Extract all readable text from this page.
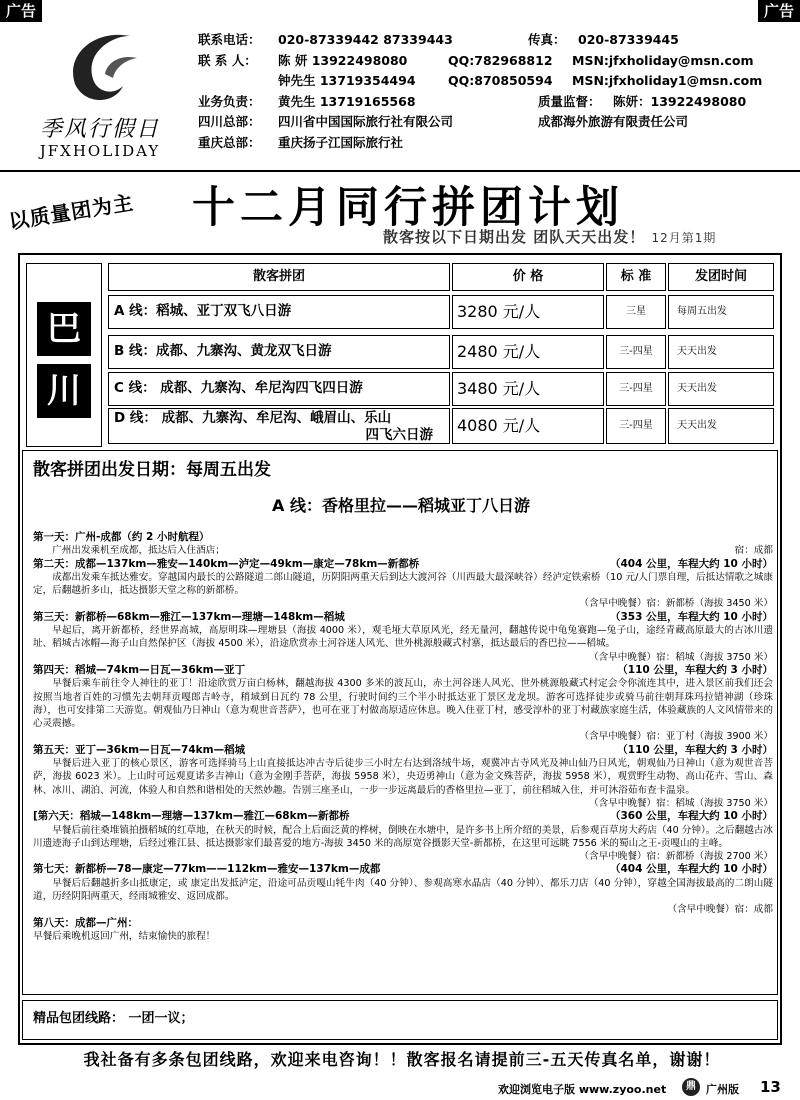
广告	广告
季风行假日
JFXHOLIDAY
联系电话： 020-87339442 87339443	传真： 020-87339445
联 系 人： 陈 妍 13922498080	QQ:782968812 MSN:jfxholiday@msn.com
钟先生 13719354494	QQ:870850594 MSN:jfxholiday1@msn.com
业务负责： 黄先生 13719165568	质量监督： 陈妍：13922498080
四川总部： 四川省中国国际旅行社有限公司	成都海外旅游有限责任公司
重庆总部： 重庆扬子江国际旅行社
以质量团为主 十二月同行拼团计划
散客按以下日期出发 团队天天出发！ 12月第1期
巴
川
散客拼团	价 格	标 准	发团时间
A 线：稻城、亚丁双飞八日游	3280 元/人	三星	每周五出发
B 线：成都、九寨沟、黄龙双飞日游	2480 元/人	三-四星	天天出发
C 线： 成都、九寨沟、牟尼沟四飞四日游	3480 元/人	三-四星	天天出发
D 线： 成都、九寨沟、牟尼沟、峨眉山、乐山
四飞六日游	4080 元/人	三-四星	天天出发
散客拼团出发日期：每周五出发
A 线：香格里拉——稻城亚丁八日游
第一天：广州-成都（约 2 小时航程）
广州出发乘机至成都，抵达后入住酒店；	宿：成都
第二天：成都—137km—雅安—140km—泸定—49km—康定—78km—新都桥	（404 公里，车程大约 10 小时）
成都出发乘车抵达雅安。穿越国内最长的公路隧道二郎山隧道，历阴阳两重天后到达大渡河谷（川西最大最深峡谷）经泸定铁索桥（10 元/人门票自理，后抵达情歌之城康定，后翻越折多山，抵达摄影天堂之称的新都桥。
（含早中晚餐）宿：新都桥（海拔 3450 米）
第三天：新都桥—68km—雅江—137km—理塘—148km—稻城	（353 公里，车程大约 10 小时）
早起后，离开新都桥，经世界高城，高原明珠—理塘县（海拔 4000 米），观毛垭大草原风光，经无量河，翻越传说中龟兔赛跑—兔子山，途经青藏高原最大的古冰川遗址、稻城古冰帽—海子山自然保护区（海拔 4500 米），沿途欣赏赤土河谷迷人风光、世外桃源般藏式村寨，抵达最后的香巴拉——稻城。
（含早中晚餐）宿：稻城（海拔 3750 米）
第四天：稻城—74km—日瓦—36km—亚丁	（110 公里，车程大约 3 小时）
早餐后乘车前往令人神往的亚丁！沿途欣赏万亩白杨林，翻越海拔 4300 多米的波瓦山，赤土河谷迷人风光、世外桃源般藏式村定会令你流连其中，进入景区前我们还会按照当地者百姓的习惯先去朝拜贡嘎郎吉岭寺，稍域到日瓦约 78 公里，行驶时间约三个半小时抵达亚丁景区龙龙坝。游客可选择徒步或骑马前往朝拜珠玛拉错神湖（珍珠海），也可安排第二天游览。朝观仙乃日神山（意为观世音菩萨），也可在亚丁村做高原适应休息。晚入住亚丁村，感受淳朴的亚丁村藏族家庭生活，体验藏族的人文风情带来的心灵震撼。
（含早中晚餐）宿：亚丁村（海拔 3900 米）
第五天：亚丁—36km—日瓦—74km—稻城	（110 公里，车程大约 3 小时）
早餐后进入亚丁的核心景区，游客可选择骑马上山直接抵达冲古寺后徒步三小时左右达到洛绒牛场，观冀冲古寺风光及神山仙乃日风光，朝观仙乃日神山（意为观世音菩萨，海拔 6023 米）。上山时可远观夏诺多吉神山（意为金刚手菩萨，海拔 5958 米），央迈勇神山（意为金文殊菩萨，海拔 5958 米），观赏野生动物、高山花卉、雪山、森林、冰川、湖泊、河流，体验人和自然和谐相处的天然妙趣。告别三座圣山，一步一步远离最后的香格里拉—亚丁，前往稻城入住，并可沐浴茹布查卡温泉。
（含早中晚餐）宿：稻城（海拔 3750 米）
[第六天：稻城—148km—理塘—137km—雅江—68km—新都桥	（360 公里，车程大约 10 小时）
早餐后前往桑堆镇拍摄稻城的红草地，在秋天的时候，配合上后面泛黄的桦树，倒映在水塘中，是许多书上所介绍的美景，后参观百草房大药店（40 分钟）。之后翻越古冰川遗迹海子山到达理塘，后经过雅江县、抵达摄影家们最喜爱的地方-海拔 3450 米的高原宽谷摄影天堂-新都桥，在这里可远眺 7556 米的蜀山之王-贡嘎山的主峰。
（含早中晚餐）宿：新都桥（海拔 2700 米）
第七天：新都桥—78—康定—77km——112km—雅安—137km—成都	（404 公里，车程大约 10 小时）
早餐后后翻越折多山抵康定，或 康定出发抵泸定，沿途可品贡嘎山牦牛肉（40 分钟）、参观高寒水晶店（40 分钟）、都乐刀店（40 分钟），穿越全国海拔最高的二朗山隧道，历经阴阳两重天，经雨城雅安、返回成都。
（含早中晚餐）宿：成都
第八天：成都—广州：
早餐后乘晚机返回广州，结束愉快的旅程！
精品包团线路： 一团一议；
我社备有多条包团线路，欢迎来电咨询！！散客报名请提前三-五天传真名单，谢谢！
欢迎浏览电子版 www.zyoo.net	鼎 广州版 13
